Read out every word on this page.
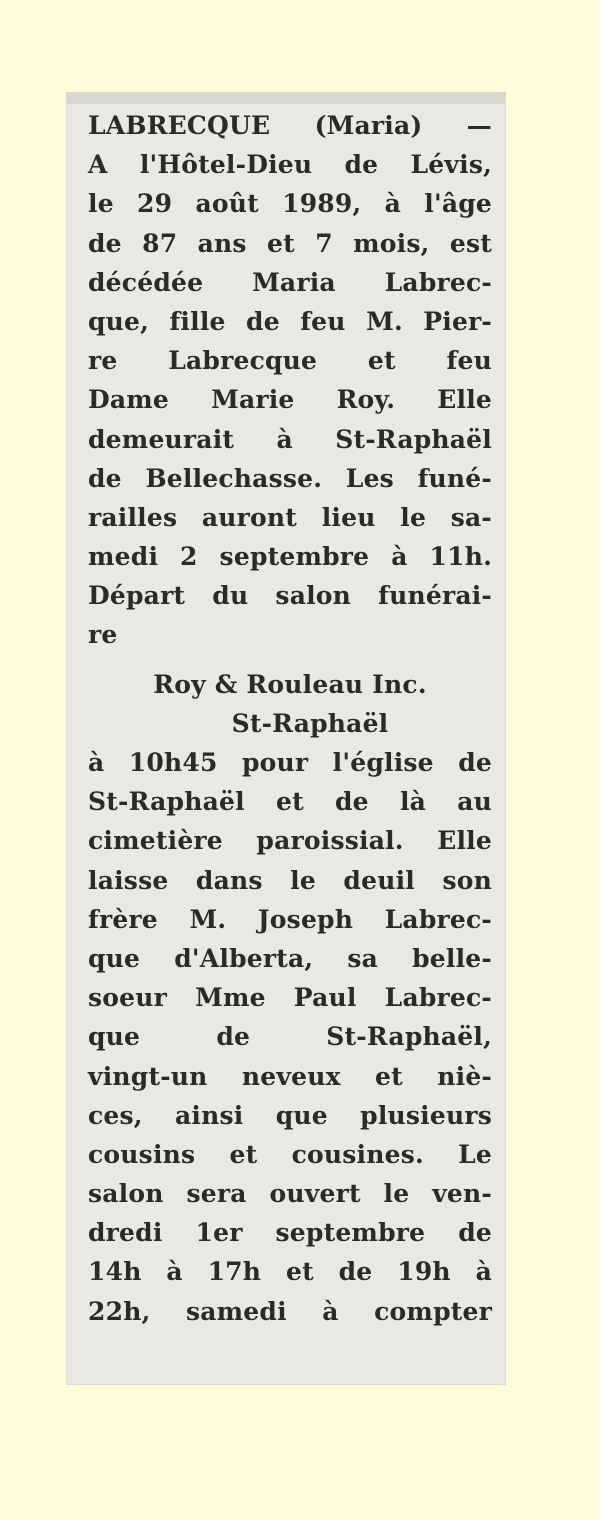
LABRECQUE (Maria) —
A l'Hôtel-Dieu de Lévis,
le 29 août 1989, à l'âge
de 87 ans et 7 mois, est
décédée Maria Labrec-
que, fille de feu M. Pier-
re Labrecque et feu
Dame Marie Roy. Elle
demeurait à St-Raphaël
de Bellechasse. Les funé-
railles auront lieu le sa-
medi 2 septembre à 11h.
Départ du salon funérai-
re
Roy & Rouleau Inc.
St-Raphaël
à 10h45 pour l'église de
St-Raphaël et de là au
cimetière paroissial. Elle
laisse dans le deuil son
frère M. Joseph Labrec-
que d'Alberta, sa belle-
soeur Mme Paul Labrec-
que de St-Raphaël,
vingt-un neveux et niè-
ces, ainsi que plusieurs
cousins et cousines. Le
salon sera ouvert le ven-
dredi 1er septembre de
14h à 17h et de 19h à
22h, samedi à compter
